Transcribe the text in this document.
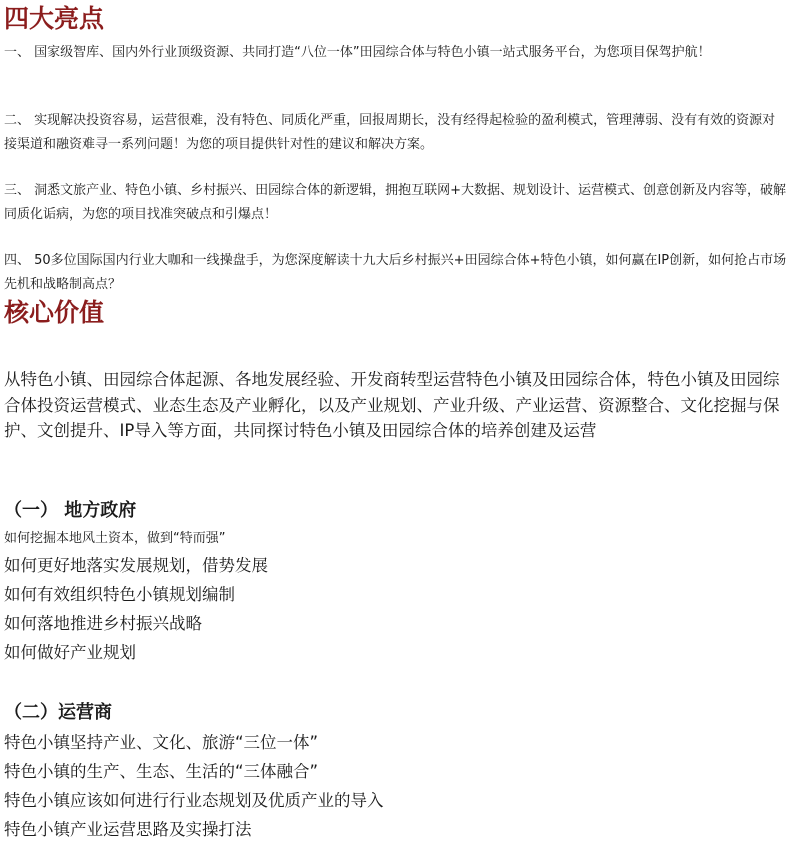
四大亮点

一、 国家级智库、国内外行业顶级资源、共同打造“八位一体”田园综合体与特色小镇一站式服务平台，为您项目保驾护航！

二、 实现解决投资容易，运营很难，没有特色、同质化严重，回报周期长，没有经得起检验的盈利模式，管理薄弱、没有有效的资源对接渠道和融资难寻一系列问题！为您的项目提供针对性的建议和解决方案。

三、 洞悉文旅产业、特色小镇、乡村振兴、田园综合体的新逻辑，拥抱互联网+大数据、规划设计、运营模式、创意创新及内容等，破解同质化诟病，为您的项目找准突破点和引爆点！

四、 50多位国际国内行业大咖和一线操盘手，为您深度解读十九大后乡村振兴+田园综合体+特色小镇，如何赢在IP创新，如何抢占市场先机和战略制高点？

核心价值

从特色小镇、田园综合体起源、各地发展经验、开发商转型运营特色小镇及田园综合体，特色小镇及田园综合体投资运营模式、业态生态及产业孵化，以及产业规划、产业升级、产业运营、资源整合、文化挖掘与保护、文创提升、IP导入等方面，共同探讨特色小镇及田园综合体的培养创建及运营

（一） 地方政府

如何挖掘本地风土资本，做到“特而强”

如何更好地落实发展规划，借势发展

如何有效组织特色小镇规划编制

如何落地推进乡村振兴战略

如何做好产业规划

（二）运营商

特色小镇坚持产业、文化、旅游“三位一体”

特色小镇的生产、生态、生活的“三体融合”

特色小镇应该如何进行行业态规划及优质产业的导入

特色小镇产业运营思路及实操打法
